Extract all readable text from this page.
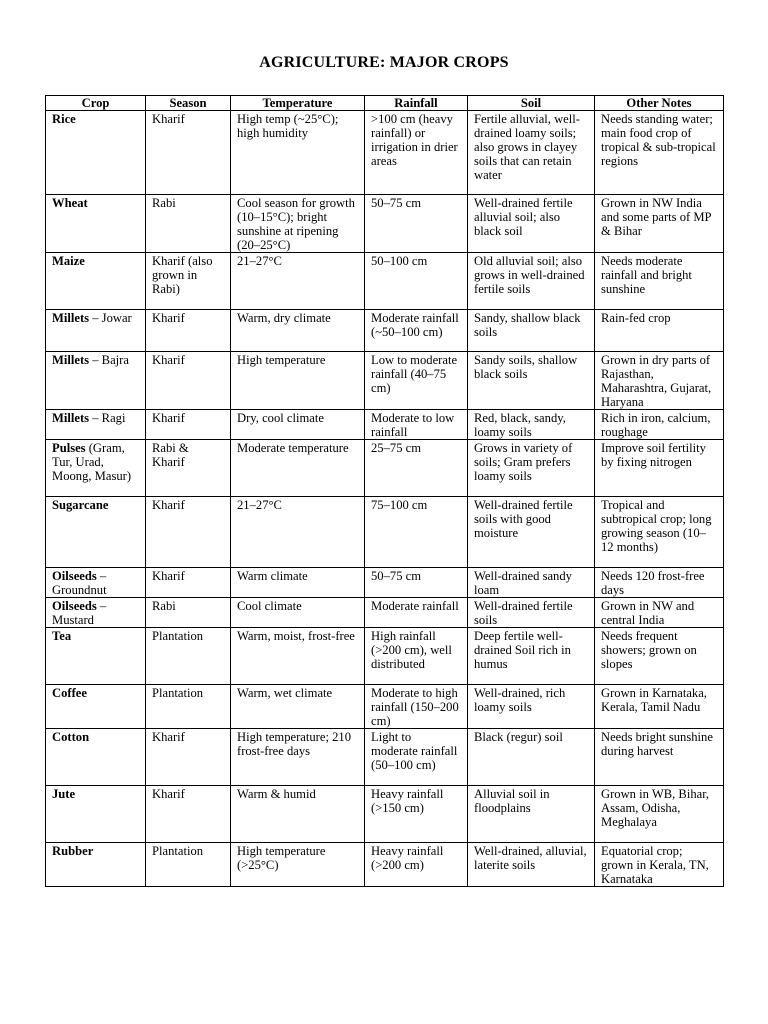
AGRICULTURE: MAJOR CROPS
Crop	Season	Temperature	Rainfall	Soil	Other Notes
Rice	Kharif	High temp (~25°C); high humidity	>100 cm (heavy rainfall) or irrigation in drier areas	Fertile alluvial, well-drained loamy soils; also grows in clayey soils that can retain water	Needs standing water; main food crop of tropical & sub-tropical regions
Wheat	Rabi	Cool season for growth (10–15°C); bright sunshine at ripening (20–25°C)	50–75 cm	Well-drained fertile alluvial soil; also black soil	Grown in NW India and some parts of MP & Bihar
Maize	Kharif (also grown in Rabi)	21–27°C	50–100 cm	Old alluvial soil; also grows in well-drained fertile soils	Needs moderate rainfall and bright sunshine
Millets – Jowar	Kharif	Warm, dry climate	Moderate rainfall (~50–100 cm)	Sandy, shallow black soils	Rain-fed crop
Millets – Bajra	Kharif	High temperature	Low to moderate rainfall (40–75 cm)	Sandy soils, shallow black soils	Grown in dry parts of Rajasthan, Maharashtra, Gujarat, Haryana
Millets – Ragi	Kharif	Dry, cool climate	Moderate to low rainfall	Red, black, sandy, loamy soils	Rich in iron, calcium, roughage
Pulses (Gram, Tur, Urad, Moong, Masur)	Rabi & Kharif	Moderate temperature	25–75 cm	Grows in variety of soils; Gram prefers loamy soils	Improve soil fertility by fixing nitrogen
Sugarcane	Kharif	21–27°C	75–100 cm	Well-drained fertile soils with good moisture	Tropical and subtropical crop; long growing season (10–12 months)
Oilseeds – Groundnut	Kharif	Warm climate	50–75 cm	Well-drained sandy loam	Needs 120 frost-free days
Oilseeds – Mustard	Rabi	Cool climate	Moderate rainfall	Well-drained fertile soils	Grown in NW and central India
Tea	Plantation	Warm, moist, frost-free	High rainfall (>200 cm), well distributed	Deep fertile well-drained Soil rich in humus	Needs frequent showers; grown on slopes
Coffee	Plantation	Warm, wet climate	Moderate to high rainfall (150–200 cm)	Well-drained, rich loamy soils	Grown in Karnataka, Kerala, Tamil Nadu
Cotton	Kharif	High temperature; 210 frost-free days	Light to moderate rainfall (50–100 cm)	Black (regur) soil	Needs bright sunshine during harvest
Jute	Kharif	Warm & humid	Heavy rainfall (>150 cm)	Alluvial soil in floodplains	Grown in WB, Bihar, Assam, Odisha, Meghalaya
Rubber	Plantation	High temperature (>25°C)	Heavy rainfall (>200 cm)	Well-drained, alluvial, laterite soils	Equatorial crop; grown in Kerala, TN, Karnataka
